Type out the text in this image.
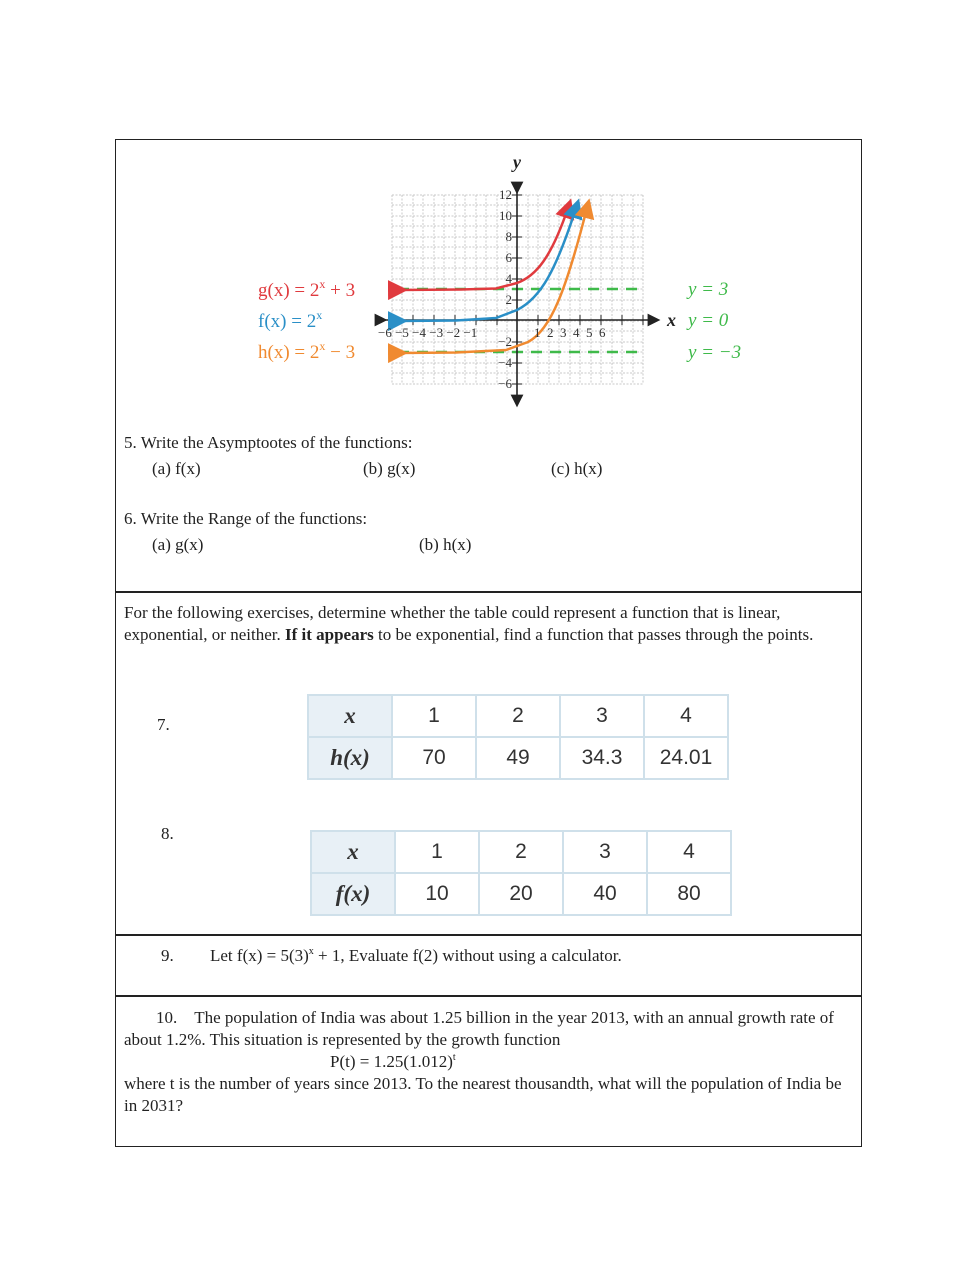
y
x
12
10
8
6
4
2
−2
−4
−6
−6 −5 −4 −3 −2 −1	1  2  3  4  5  6
$g(x) = 2^x + 3$
$f(x) = 2^x$
$h(x) = 2^x - 3$
y = 3
y = 0
y = −3
5. Write the Asymptootes of the functions:
(a) f(x)	(b) g(x)	(c) h(x)
6. Write the Range of the functions:
(a) g(x)	(b) h(x)
For the following exercises, determine whether the table could represent a function that is linear, exponential, or neither. If it appears to be exponential, find a function that passes through the points.
7.	x	1	2	3	4
h(x)	70	49	34.3	24.01
8.
x	1	2	3	4
f(x)	10	20	40	80
9. Let $f(x) = 5(3)^x + 1$, Evaluate f(2) without using a calculator.
10. The population of India was about 1.25 billion in the year 2013, with an annual growth rate of about 1.2%. This situation is represented by the growth function
$P(t) = 1.25(1.012)^t$
where t is the number of years since 2013. To the nearest thousandth, what will the population of India be in 2031?
